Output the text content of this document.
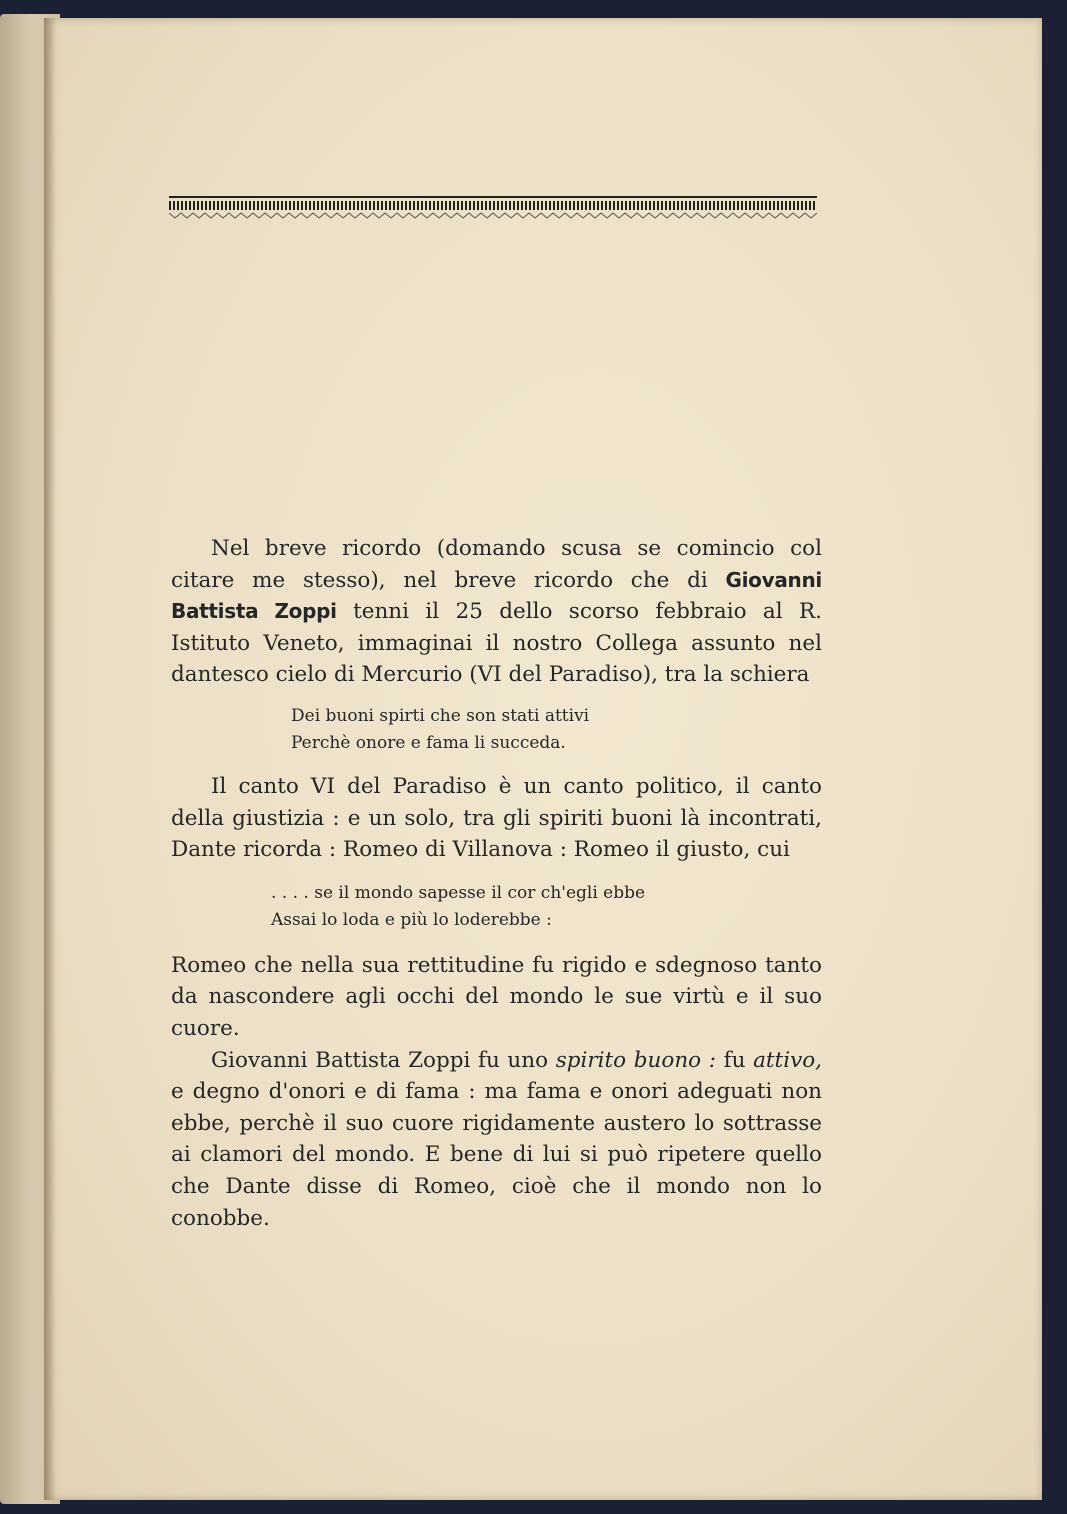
Nel breve ricordo (domando scusa se comincio col citare me stesso), nel breve ricordo che di Giovanni Battista Zoppi tenni il 25 dello scorso febbraio al R. Istituto Veneto, immaginai il nostro Collega assunto nel dantesco cielo di Mercurio (VI del Paradiso), tra la schiera

Dei buoni spirti che son stati attivi
Perchè onore e fama li succeda.

Il canto VI del Paradiso è un canto politico, il canto della giustizia : e un solo, tra gli spiriti buoni là incontrati, Dante ricorda : Romeo di Villanova : Romeo il giusto, cui

. . . . se il mondo sapesse il cor ch'egli ebbe
Assai lo loda e più lo loderebbe :

Romeo che nella sua rettitudine fu rigido e sdegnoso tanto da nascondere agli occhi del mondo le sue virtù e il suo cuore.

Giovanni Battista Zoppi fu uno spirito buono : fu attivo, e degno d'onori e di fama : ma fama e onori adeguati non ebbe, perchè il suo cuore rigidamente austero lo sottrasse ai clamori del mondo. E bene di lui si può ripetere quello che Dante disse di Romeo, cioè che il mondo non lo conobbe.
